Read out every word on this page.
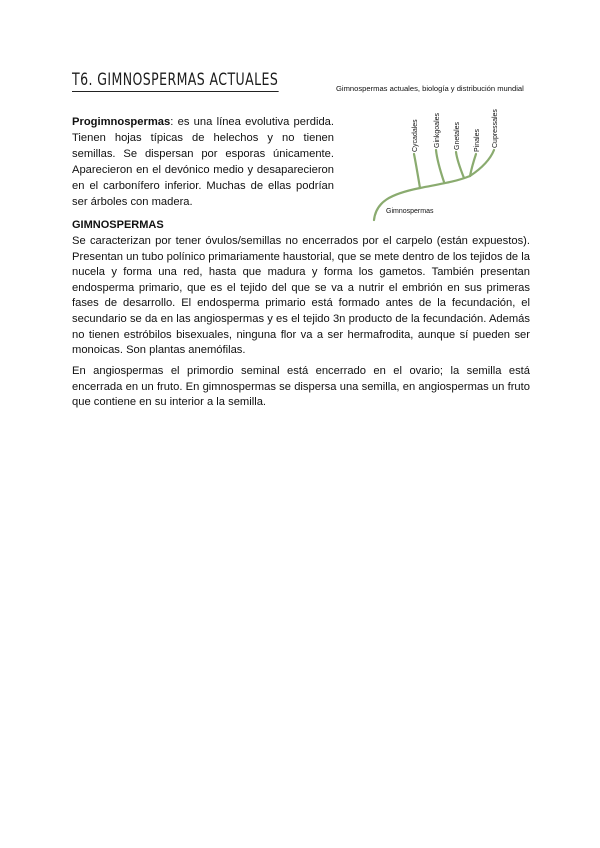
T6. GIMNOSPERMAS ACTUALES	Gimnospermas actuales, biología y distribución mundial
Cycadales Ginkgoales Gnetales Pinales Cupressales
Gimnospermas
Progimnospermas: es una línea evolutiva perdida. Tienen hojas típicas de helechos y no tienen semillas. Se dispersan por esporas únicamente. Aparecieron en el devónico medio y desaparecieron en el carbonífero inferior. Muchas de ellas podrían ser árboles con madera.
GIMNOSPERMAS
Se caracterizan por tener óvulos/semillas no encerrados por el carpelo (están expuestos). Presentan un tubo polínico primariamente haustorial, que se mete dentro de los tejidos de la nucela y forma una red, hasta que madura y forma los gametos. También presentan endosperma primario, que es el tejido del que se va a nutrir el embrión en sus primeras fases de desarrollo. El endosperma primario está formado antes de la fecundación, el secundario se da en las angiospermas y es el tejido 3n producto de la fecundación. Además no tienen estróbilos bisexuales, ninguna flor va a ser hermafrodita, aunque sí pueden ser monoicas. Son plantas anemófilas.
En angiospermas el primordio seminal está encerrado en el ovario; la semilla está encerrada en un fruto. En gimnospermas se dispersa una semilla, en angiospermas un fruto que contiene en su interior a la semilla.
